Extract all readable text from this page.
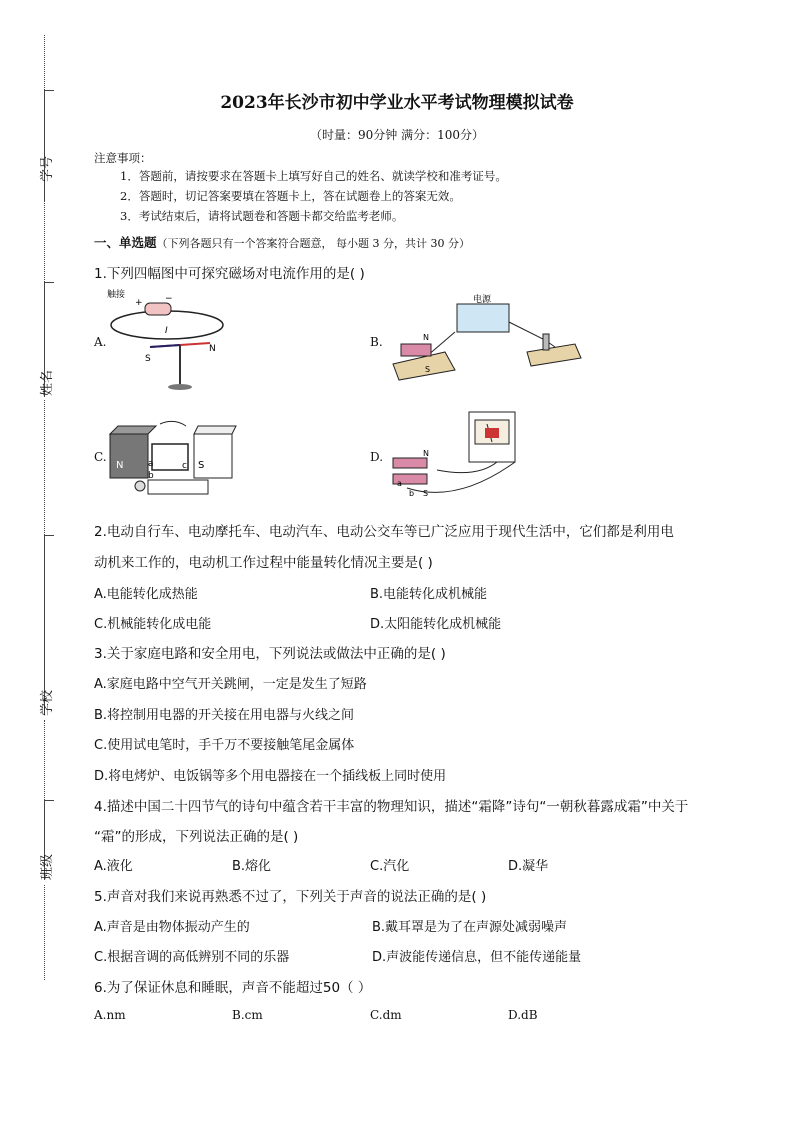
学号
姓名
学校
班级
2023年长沙市初中学业水平考试物理模拟试卷
（时量：90分钟 满分：100分）
注意事项：
1．答题前，请按要求在答题卡上填写好自己的姓名、就读学校和准考证号。
2．答题时，切记答案要填在答题卡上，答在试题卷上的答案无效。
3．考试结束后，请将试题卷和答题卡都交给监考老师。
一、单选题（下列各题只有一个答案符合题意， 每小题 3 分，共计 30 分）
1.下列四幅图中可探究磁场对电流作用的是( )
A.
触接
+ −
I
S
N	B.
电源
N
S
C.
N	S
a
b
c
D.	N
S
a
b
2.电动自行车、电动摩托车、电动汽车、电动公交车等已广泛应用于现代生活中，它们都是利用电
动机来工作的，电动机工作过程中能量转化情况主要是( )
A.电能转化成热能	B.电能转化成机械能
C.机械能转化成电能	D.太阳能转化成机械能
3.关于家庭电路和安全用电，下列说法或做法中正确的是( )
A.家庭电路中空气开关跳闸，一定是发生了短路
B.将控制用电器的开关接在用电器与火线之间
C.使用试电笔时，手千万不要接触笔尾金属体
D.将电烤炉、电饭锅等多个用电器接在一个插线板上同时使用
4.描述中国二十四节气的诗句中蕴含若干丰富的物理知识，描述“霜降”诗句“一朝秋暮露成霜”中关于
“霜”的形成，下列说法正确的是( )
A.液化	B.熔化	C.汽化	D.凝华
5.声音对我们来说再熟悉不过了，下列关于声音的说法正确的是( )
A.声音是由物体振动产生的	B.戴耳罩是为了在声源处减弱噪声
C.根据音调的高低辨别不同的乐器	D.声波能传递信息，但不能传递能量
6.为了保证休息和睡眠，声音不能超过50（ ）
A.nm	B.cm	C.dm	D.dB
